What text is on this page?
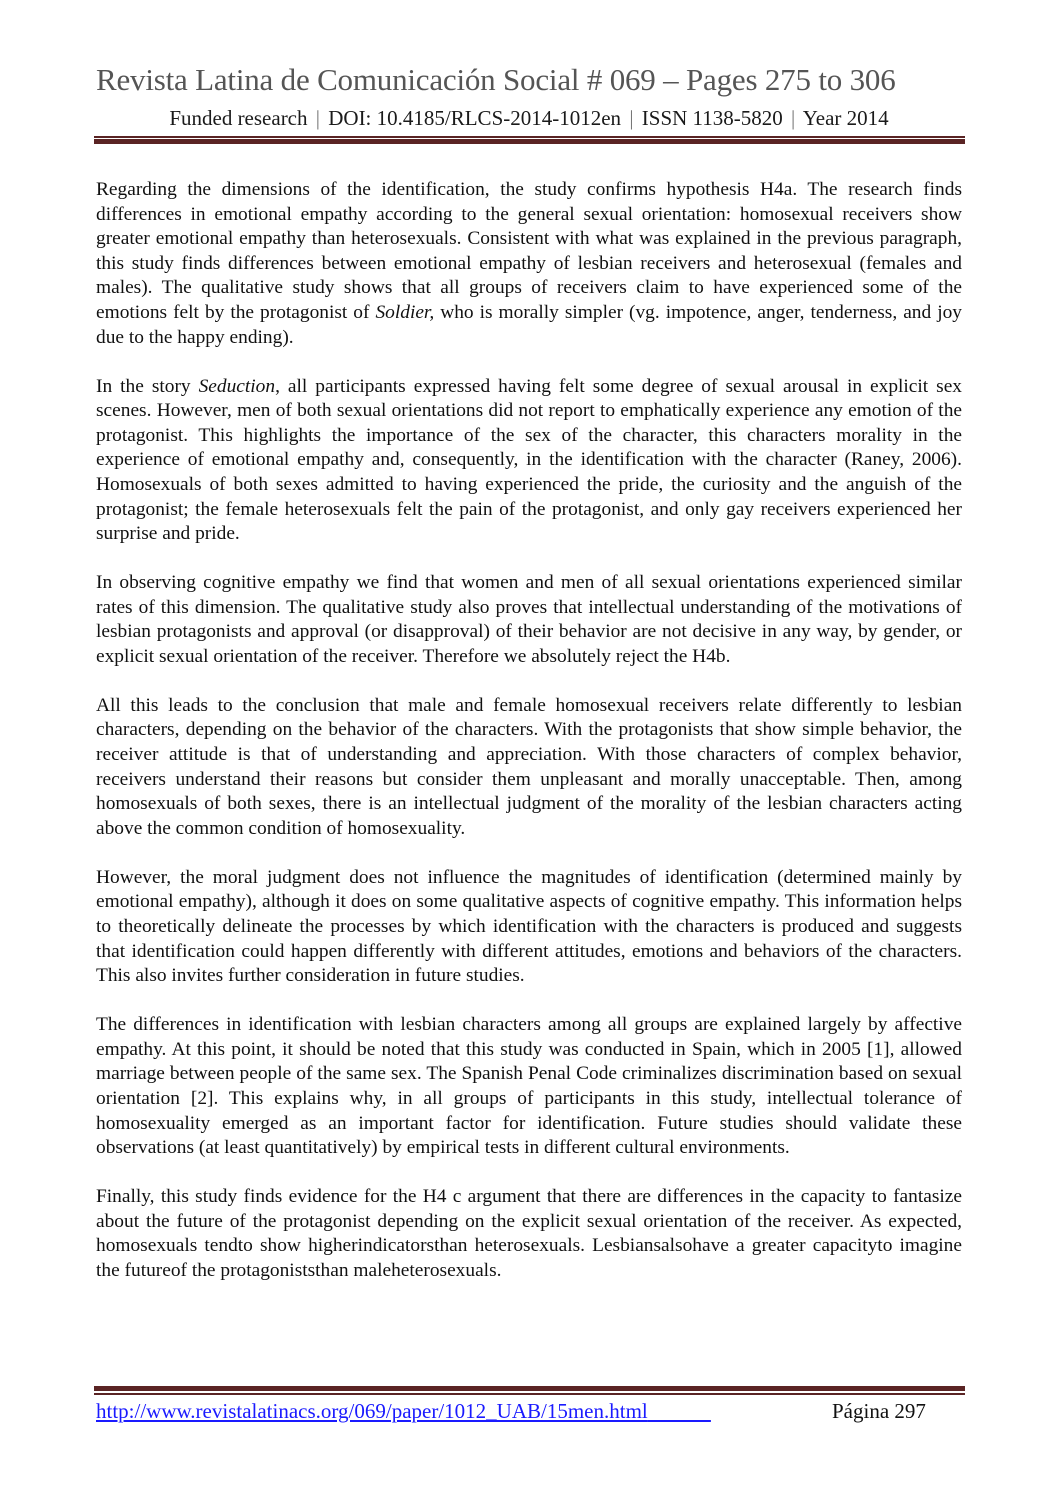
Revista Latina de Comunicación Social # 069 – Pages 275 to 306
Funded research | DOI: 10.4185/RLCS-2014-1012en | ISSN 1138-5820 | Year 2014

Regarding the dimensions of the identification, the study confirms hypothesis H4a. The research finds differences in emotional empathy according to the general sexual orientation: homosexual receivers show greater emotional empathy than heterosexuals. Consistent with what was explained in the previous paragraph, this study finds differences between emotional empathy of lesbian receivers and heterosexual (females and males). The qualitative study shows that all groups of receivers claim to have experienced some of the emotions felt by the protagonist of Soldier, who is morally simpler (vg. impotence, anger, tenderness, and joy due to the happy ending).

In the story Seduction, all participants expressed having felt some degree of sexual arousal in explicit sex scenes. However, men of both sexual orientations did not report to emphatically experience any emotion of the protagonist. This highlights the importance of the sex of the character, this characters morality in the experience of emotional empathy and, consequently, in the identification with the character (Raney, 2006). Homosexuals of both sexes admitted to having experienced the pride, the curiosity and the anguish of the protagonist; the female heterosexuals felt the pain of the protagonist, and only gay receivers experienced her surprise and pride.

In observing cognitive empathy we find that women and men of all sexual orientations experienced similar rates of this dimension. The qualitative study also proves that intellectual understanding of the motivations of lesbian protagonists and approval (or disapproval) of their behavior are not decisive in any way, by gender, or explicit sexual orientation of the receiver. Therefore we absolutely reject the H4b.

All this leads to the conclusion that male and female homosexual receivers relate differently to lesbian characters, depending on the behavior of the characters. With the protagonists that show simple behavior, the receiver attitude is that of understanding and appreciation. With those characters of complex behavior, receivers understand their reasons but consider them unpleasant and morally unacceptable. Then, among homosexuals of both sexes, there is an intellectual judgment of the morality of the lesbian characters acting above the common condition of homosexuality.

However, the moral judgment does not influence the magnitudes of identification (determined mainly by emotional empathy), although it does on some qualitative aspects of cognitive empathy. This information helps to theoretically delineate the processes by which identification with the characters is produced and suggests that identification could happen differently with different attitudes, emotions and behaviors of the characters. This also invites further consideration in future studies.

The differences in identification with lesbian characters among all groups are explained largely by affective empathy. At this point, it should be noted that this study was conducted in Spain, which in 2005 [1], allowed marriage between people of the same sex. The Spanish Penal Code criminalizes discrimination based on sexual orientation [2]. This explains why, in all groups of participants in this study, intellectual tolerance of homosexuality emerged as an important factor for identification. Future studies should validate these observations (at least quantitatively) by empirical tests in different cultural environments.

Finally, this study finds evidence for the H4 c argument that there are differences in the capacity to fantasize about the future of the protagonist depending on the explicit sexual orientation of the receiver. As expected, homosexuals tendto show higherindicatorsthan heterosexuals. Lesbiansalsohave a greater capacityto imagine the futureof the protagoniststhan maleheterosexuals.

http://www.revistalatinacs.org/069/paper/1012_UAB/15men.html	Página 297
